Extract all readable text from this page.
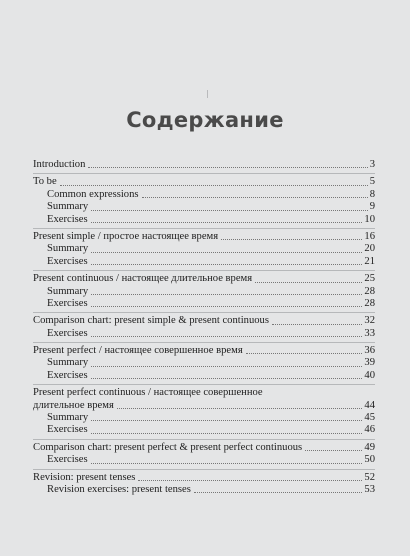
Содержание
Introduction	3
To be	5
Common expressions	8
Summary	9
Exercises	10
Present simple / простое настоящее время	16
Summary	20
Exercises	21
Present continuous / настоящее длительное время	25
Summary	28
Exercises	28
Comparison chart: present simple & present continuous	32
Exercises	33
Present perfect / настоящее совершенное время	36
Summary	39
Exercises	40
Present perfect continuous / настоящее совершенное
длительное время	44
Summary	45
Exercises	46
Comparison chart: present perfect & present perfect continuous	49
Exercises	50
Revision: present tenses	52
Revision exercises: present tenses	53
